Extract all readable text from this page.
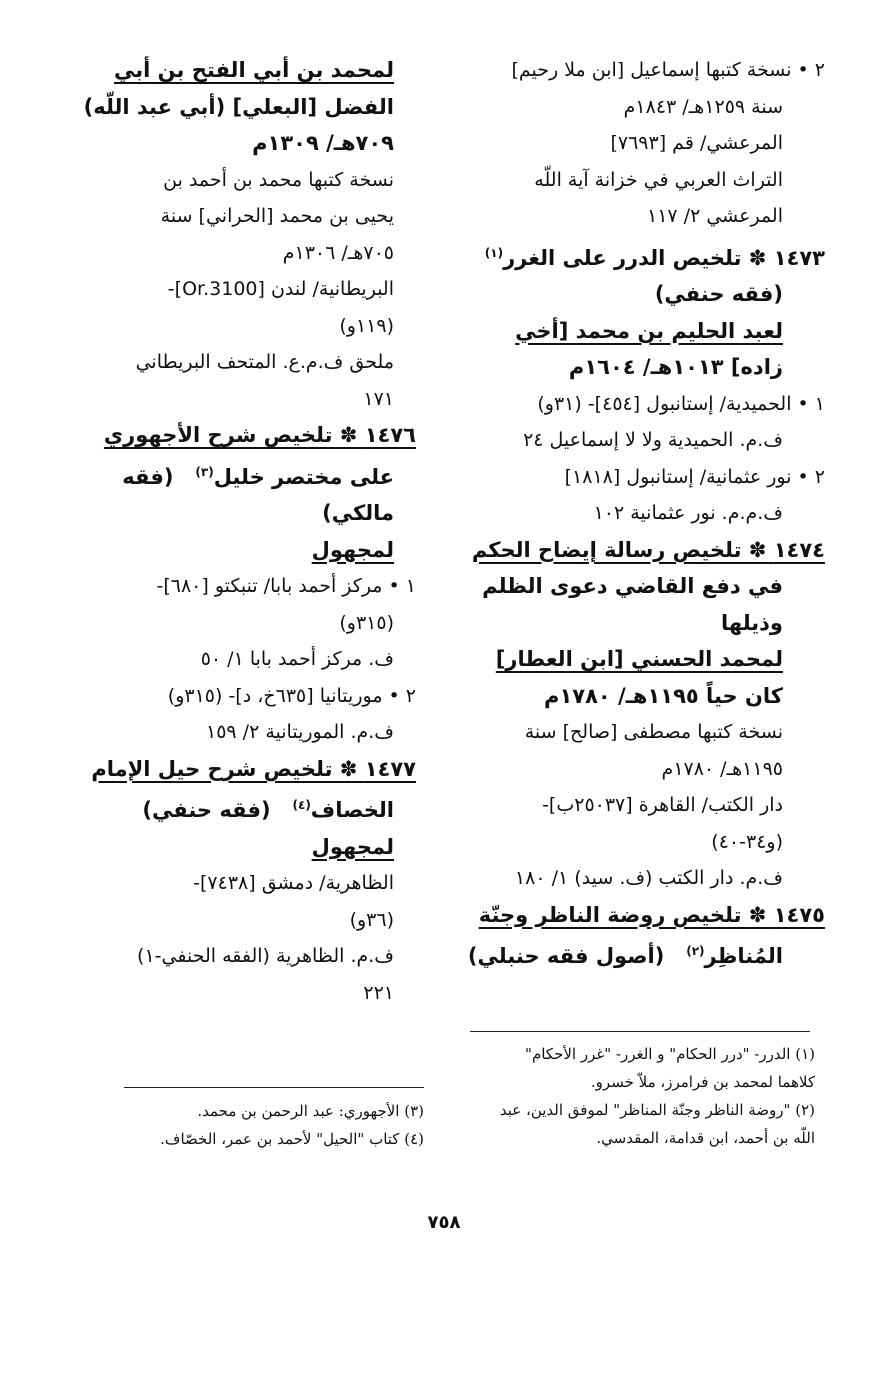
٢ • نسخة كتبها إسماعيل [ابن ملا رحيم]
سنة ١٢٥٩هـ/ ١٨٤٣م
المرعشي/ قم [٧٦٩٣]
التراث العربي في خزانة آية اللّه
المرعشي ٢/ ١١٧
١٤٧٣ ✽ تلخيص الدرر على الغرر$^{(١)}$
(فقه حنفي)
لعبد الحليم بن محمد [أخي
زاده] ١٠١٣هـ/ ١٦٠٤م
١ • الحميدية/ إستانبول [٤٥٤]- (٣١و)
ف.م. الحميدية ولا لا إسماعيل ٢٤
٢ • نور عثمانية/ إستانبول [١٨١٨]
ف.م.م. نور عثمانية ١٠٢
١٤٧٤ ✽ تلخيص رسالة إيضاح الحكم
في دفع القاضي دعوى الظلم
وذيلها
لمحمد الحسني [ابن العطار]
كان حياً ١١٩٥هـ/ ١٧٨٠م
نسخة كتبها مصطفى [صالح] سنة
١١٩٥هـ/ ١٧٨٠م
دار الكتب/ القاهرة [٢٥٠٣٧ب]-
(و٣٤-٤٠)
ف.م. دار الكتب (ف. سيد) ١/ ١٨٠
١٤٧٥ ✽ تلخيص روضة الناظر وجنّة
المُناظِر$^{(٢)}$   (أصول فقه حنبلي)
لمحمد بن أبي الفتح بن أبي
الفضل [البعلي] (أبي عبد اللّه)
٧٠٩هـ/ ١٣٠٩م
نسخة كتبها محمد بن أحمد بن
يحيى بن محمد [الحراني] سنة
٧٠٥هـ/ ١٣٠٦م
البريطانية/ لندن [Or.3100]-
(١١٩و)
ملحق ف.م.ع. المتحف البريطاني
١٧١
١٤٧٦ ✽ تلخيص شرح الأجهوري
على مختصر خليل$^{(٣)}$   (فقه
مالكي)
لمجهول
١ • مركز أحمد بابا/ تنبكتو [٦٨٠]-
(٣١٥و)
ف. مركز أحمد بابا ١/ ٥٠
٢ • موريتانيا [٦٣٥خ، د]- (٣١٥و)
ف.م. الموريتانية ٢/ ١٥٩
١٤٧٧ ✽ تلخيص شرح حيل الإمام
الخصاف$^{(٤)}$   (فقه حنفي)
لمجهول
الظاهرية/ دمشق [٧٤٣٨]-
(٣٦و)
ف.م. الظاهرية (الفقه الحنفي-١)
٢٢١
(١) الدرر- "درر الحكام" و الغرر- "غرر الأحكام"
كلاهما لمحمد بن فرامرز، ملاّ خسرو.
(٢) "روضة الناظر وجنّة المناظر" لموفق الدين، عبد
اللّه بن أحمد، ابن قدامة، المقدسي.
(٣) الأجهوري: عبد الرحمن بن محمد.
(٤) كتاب "الحيل" لأحمد بن عمر، الخصّاف.
٧٥٨
